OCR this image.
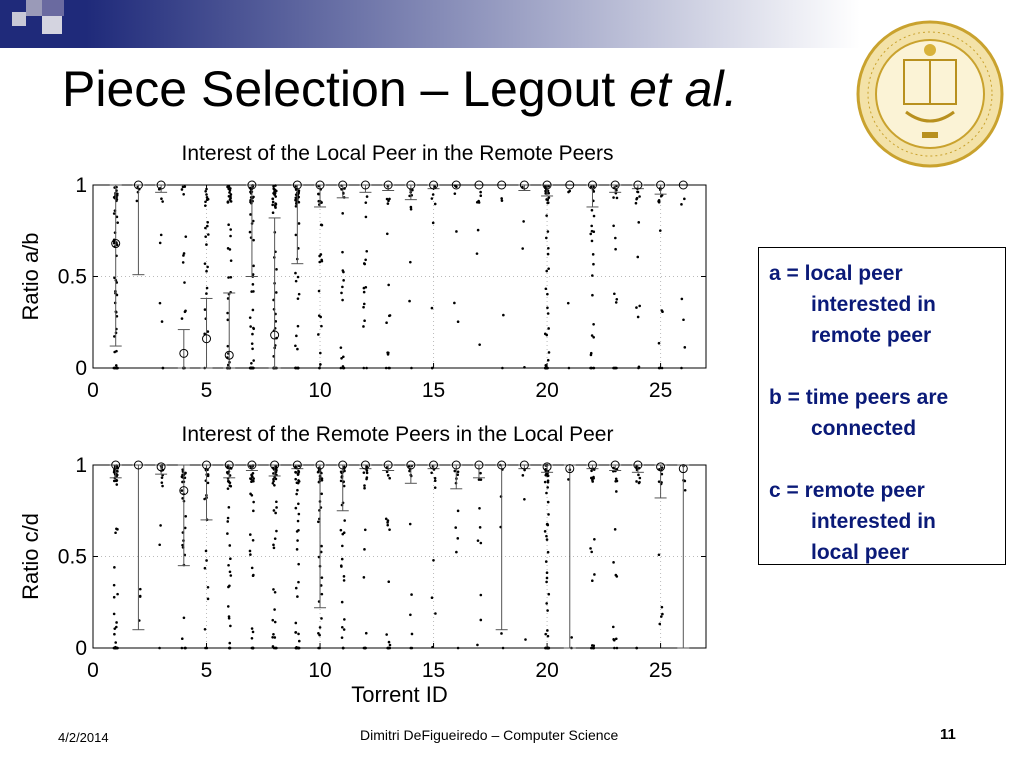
Piece Selection – Legout et al.
Interest of the Local Peer in the Remote Peers
0	5	10	15	20	25
0
0.5
1
Ratio a/b
Interest of the Remote Peers in the Local Peer
0	5	10	15	20	25
0
0.5
1
Ratio c/d
Torrent ID
a = local peer
interested in
remote peer
b = time peers are
connected
c = remote peer
interested in
local peer
4/2/2014	Dimitri DeFigueiredo – Computer Science	11
